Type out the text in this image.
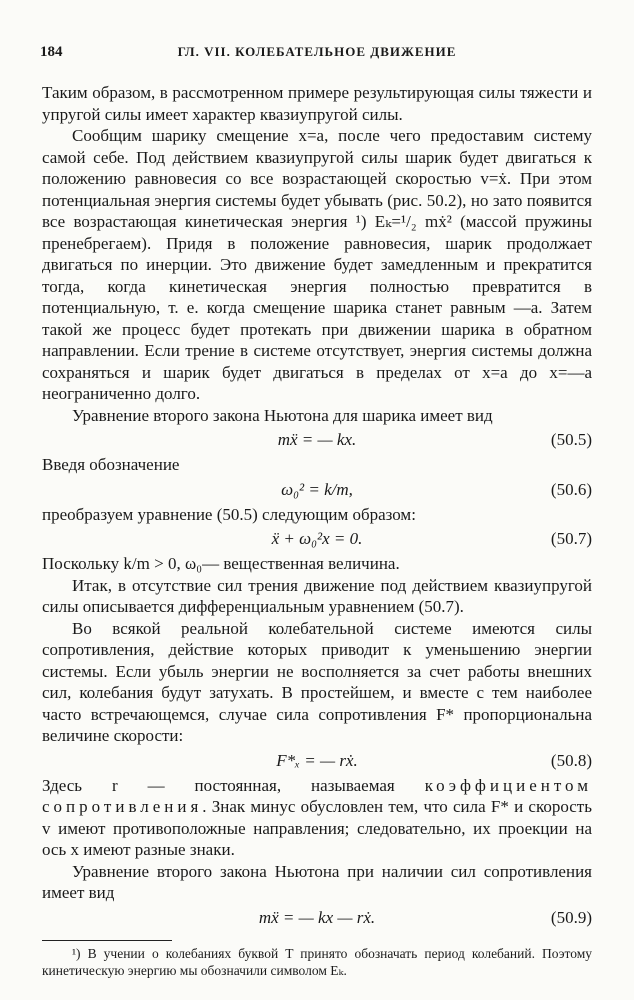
184	ГЛ. VII. КОЛЕБАТЕЛЬНОЕ ДВИЖЕНИЕ

Таким образом, в рассмотренном примере результирующая силы тяжести и упругой силы имеет характер квазиупругой силы.

Сообщим шарику смещение x=a, после чего предоставим систему самой себе. Под действием квазиупругой силы шарик будет двигаться к положению равновесия со все возрастающей скоростью v=ẋ. При этом потенциальная энергия системы будет убывать (рис. 50.2), но зато появится все возрастающая кинетическая энергия ¹) Eₖ=¹/₂ mẋ² (массой пружины пренебрегаем). Придя в положение равновесия, шарик продолжает двигаться по инерции. Это движение будет замедленным и прекратится тогда, когда кинетическая энергия полностью превратится в потенциальную, т. е. когда смещение шарика станет равным —a. Затем такой же процесс будет протекать при движении шарика в обратном направлении. Если трение в системе отсутствует, энергия системы должна сохраняться и шарик будет двигаться в пределах от x=a до x=—a неограниченно долго.

Уравнение второго закона Ньютона для шарика имеет вид

mẍ = — kx.	(50.5)

Введя обозначение

ω₀² = k/m,	(50.6)

преобразуем уравнение (50.5) следующим образом:

ẍ + ω₀²x = 0.	(50.7)

Поскольку k/m > 0, ω₀— вещественная величина.

Итак, в отсутствие сил трения движение под действием квазиупругой силы описывается дифференциальным уравнением (50.7).

Во всякой реальной колебательной системе имеются силы сопротивления, действие которых приводит к уменьшению энергии системы. Если убыль энергии не восполняется за счет работы внешних сил, колебания будут затухать. В простейшем, и вместе с тем наиболее часто встречающемся, случае сила сопротивления F* пропорциональна величине скорости:

F*ₓ = — rẋ.	(50.8)

Здесь r — постоянная, называемая коэффициентом сопротивления. Знак минус обусловлен тем, что сила F* и скорость v имеют противоположные направления; следовательно, их проекции на ось x имеют разные знаки.

Уравнение второго закона Ньютона при наличии сил сопротивления имеет вид

mẍ = — kx — rẋ.	(50.9)

¹) В учении о колебаниях буквой T принято обозначать период колебаний. Поэтому кинетическую энергию мы обозначили символом Eₖ.
